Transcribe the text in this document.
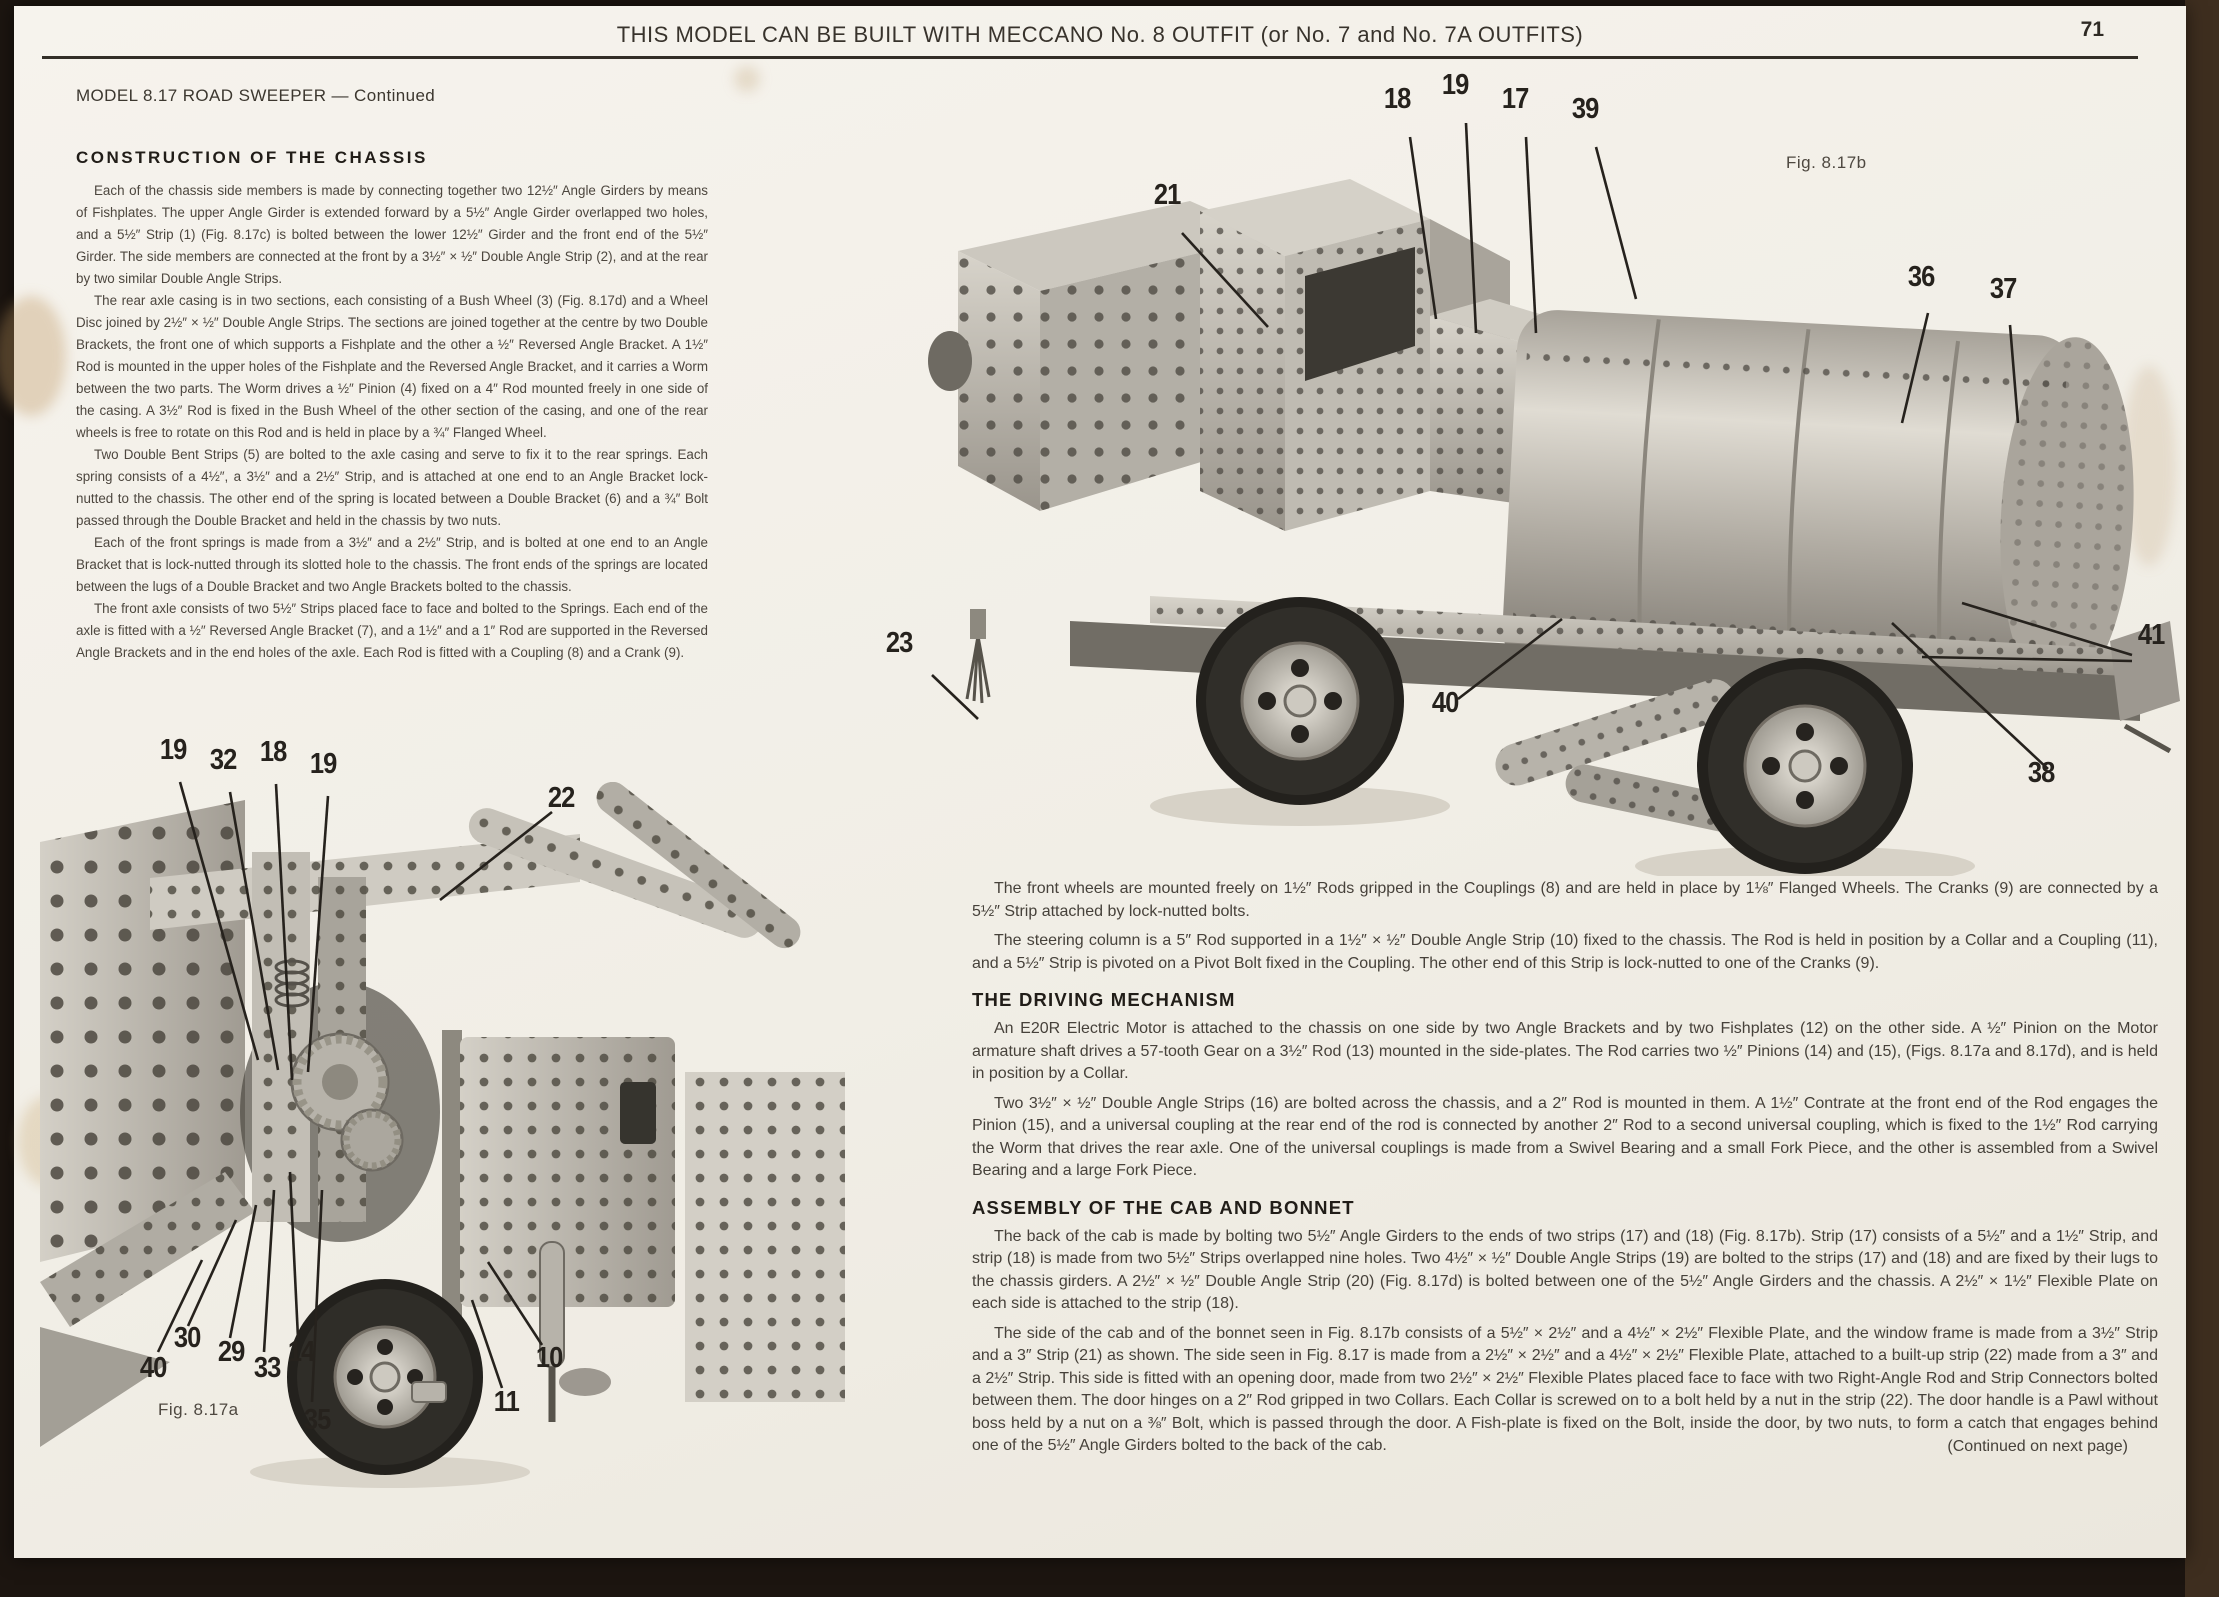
THIS MODEL CAN BE BUILT WITH MECCANO No. 8 OUTFIT (or No. 7 and No. 7A OUTFITS)	71
MODEL 8.17 ROAD SWEEPER — Continued
CONSTRUCTION OF THE CHASSIS

Each of the chassis side members is made by connecting together two 12½″ Angle Girders by means of Fishplates. The upper Angle Girder is extended forward by a 5½″ Angle Girder overlapped two holes, and a 5½″ Strip (1) (Fig. 8.17c) is bolted between the lower 12½″ Girder and the front end of the 5½″ Girder. The side members are connected at the front by a 3½″ × ½″ Double Angle Strip (2), and at the rear by two similar Double Angle Strips.

The rear axle casing is in two sections, each consisting of a Bush Wheel (3) (Fig. 8.17d) and a Wheel Disc joined by 2½″ × ½″ Double Angle Strips. The sections are joined together at the centre by two Double Brackets, the front one of which supports a Fishplate and the other a ½″ Reversed Angle Bracket. A 1½″ Rod is mounted in the upper holes of the Fishplate and the Reversed Angle Bracket, and it carries a Worm between the two parts. The Worm drives a ½″ Pinion (4) fixed on a 4″ Rod mounted freely in one side of the casing. A 3½″ Rod is fixed in the Bush Wheel of the other section of the casing, and one of the rear wheels is free to rotate on this Rod and is held in place by a ¾″ Flanged Wheel.

Two Double Bent Strips (5) are bolted to the axle casing and serve to fix it to the rear springs. Each spring consists of a 4½″, a 3½″ and a 2½″ Strip, and is attached at one end to an Angle Bracket lock-nutted to the chassis. The other end of the spring is located between a Double Bracket (6) and a ¾″ Bolt passed through the Double Bracket and held in the chassis by two nuts.

Each of the front springs is made from a 3½″ and a 2½″ Strip, and is bolted at one end to an Angle Bracket that is lock-nutted through its slotted hole to the chassis. The front ends of the springs are located between the lugs of a Double Bracket and two Angle Brackets bolted to the chassis.

The front axle consists of two 5½″ Strips placed face to face and bolted to the Springs. Each end of the axle is fitted with a ½″ Reversed Angle Bracket (7), and a 1½″ and a 1″ Rod are supported in the Reversed Angle Brackets and in the end holes of the axle. Each Rod is fitted with a Coupling (8) and a Crank (9).

18 19 17 39
21
36 37
23
40
41
38
Fig. 8.17b
19 32 18 19
22
40
30 29 33 14
35
10
11
Fig. 8.17a

The front wheels are mounted freely on 1½″ Rods gripped in the Couplings (8) and are held in place by 1⅛″ Flanged Wheels. The Cranks (9) are connected by a 5½″ Strip attached by lock-nutted bolts.

The steering column is a 5″ Rod supported in a 1½″ × ½″ Double Angle Strip (10) fixed to the chassis. The Rod is held in position by a Collar and a Coupling (11), and a 5½″ Strip is pivoted on a Pivot Bolt fixed in the Coupling. The other end of this Strip is lock-nutted to one of the Cranks (9).

THE DRIVING MECHANISM

An E20R Electric Motor is attached to the chassis on one side by two Angle Brackets and by two Fishplates (12) on the other side. A ½″ Pinion on the Motor armature shaft drives a 57-tooth Gear on a 3½″ Rod (13) mounted in the side-plates. The Rod carries two ½″ Pinions (14) and (15), (Figs. 8.17a and 8.17d), and is held in position by a Collar.

Two 3½″ × ½″ Double Angle Strips (16) are bolted across the chassis, and a 2″ Rod is mounted in them. A 1½″ Contrate at the front end of the Rod engages the Pinion (15), and a universal coupling at the rear end of the rod is connected by another 2″ Rod to a second universal coupling, which is fixed to the 1½″ Rod carrying the Worm that drives the rear axle. One of the universal couplings is made from a Swivel Bearing and a small Fork Piece, and the other is assembled from a Swivel Bearing and a large Fork Piece.

ASSEMBLY OF THE CAB AND BONNET

The back of the cab is made by bolting two 5½″ Angle Girders to the ends of two strips (17) and (18) (Fig. 8.17b). Strip (17) consists of a 5½″ and a 1½″ Strip, and strip (18) is made from two 5½″ Strips overlapped nine holes. Two 4½″ × ½″ Double Angle Strips (19) are bolted to the strips (17) and (18) and are fixed by their lugs to the chassis girders. A 2½″ × ½″ Double Angle Strip (20) (Fig. 8.17d) is bolted between one of the 5½″ Angle Girders and the chassis. A 2½″ × 1½″ Flexible Plate on each side is attached to the strip (18).

The side of the cab and of the bonnet seen in Fig. 8.17b consists of a 5½″ × 2½″ and a 4½″ × 2½″ Flexible Plate, and the window frame is made from a 3½″ Strip and a 3″ Strip (21) as shown. The side seen in Fig. 8.17 is made from a 2½″ × 2½″ and a 4½″ × 2½″ Flexible Plate, attached to a built-up strip (22) made from a 3″ and a 2½″ Strip. This side is fitted with an opening door, made from two 2½″ × 2½″ Flexible Plates placed face to face with two Right-Angle Rod and Strip Connectors bolted between them. The door hinges on a 2″ Rod gripped in two Collars. Each Collar is screwed on to a bolt held by a nut in the strip (22). The door handle is a Pawl without boss held by a nut on a ⅜″ Bolt, which is passed through the door. A Fish-plate is fixed on the Bolt, inside the door, by two nuts, to form a catch that engages behind one of the 5½″ Angle Girders bolted to the back of the cab.	(Continued on next page)
